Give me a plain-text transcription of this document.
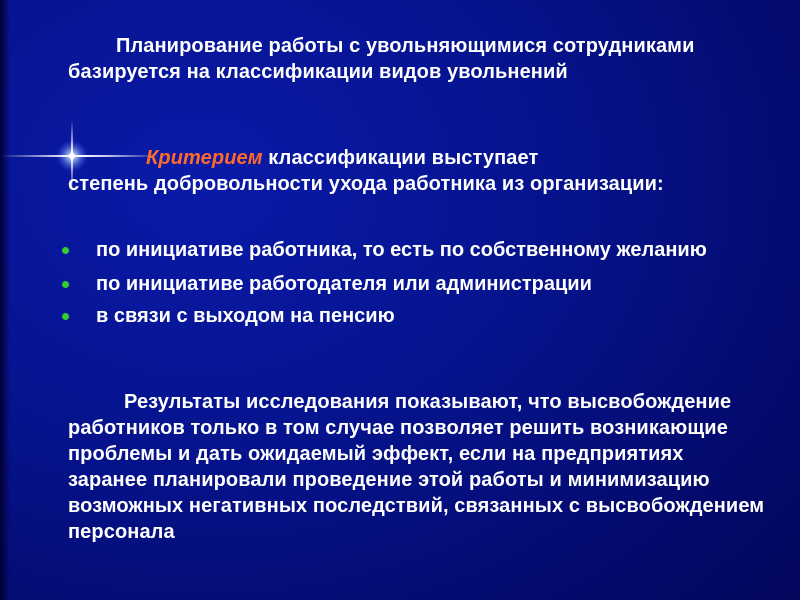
Планирование работы с увольняющимися сотрудниками базируется на классификации видов увольнений
Критерием классификации выступает
степень добровольности ухода работника из организации:
по инициативе работника, то есть по собственному желанию
по инициативе работодателя или администрации
в связи с выходом на пенсию
Результаты исследования показывают, что высвобождение работников только в том случае позволяет решить возникающие проблемы и дать ожидаемый эффект, если на предприятиях заранее планировали проведение этой работы и минимизацию возможных негативных последствий, связанных с высвобождением персонала
